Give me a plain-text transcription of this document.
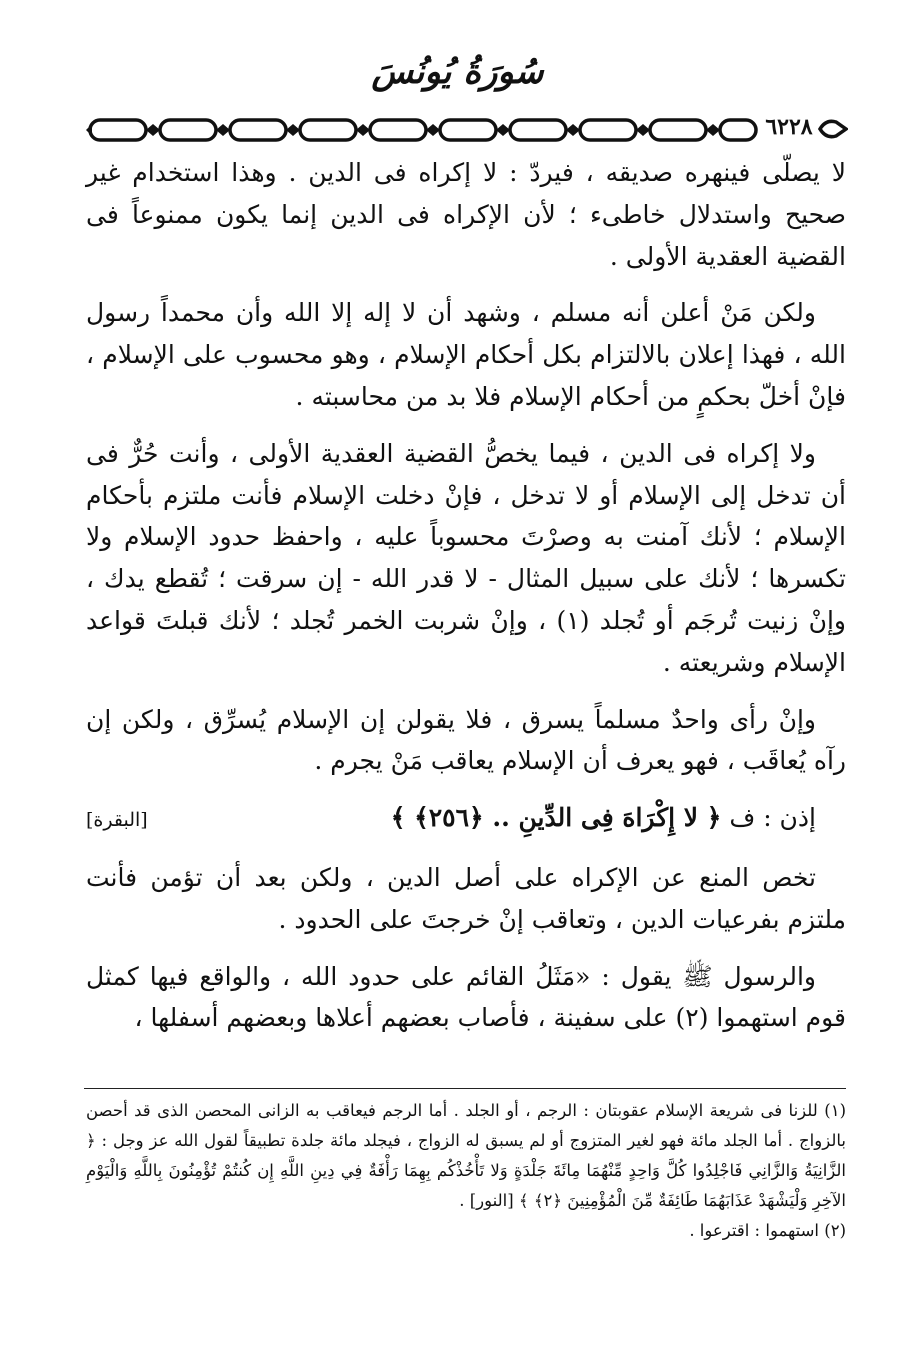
سُورَةُ يُونُسَ
٦٢٢٨

لا يصلّى فينهره صديقه ، فيردّ : لا إكراه فى الدين . وهذا استخدام غير صحيح واستدلال خاطىء ؛ لأن الإكراه فى الدين إنما يكون ممنوعاً فى القضية العقدية الأولى .

ولكن مَنْ أعلن أنه مسلم ، وشهد أن لا إله إلا الله وأن محمداً رسول الله ، فهذا إعلان بالالتزام بكل أحكام الإسلام ، وهو محسوب على الإسلام ، فإنْ أخلّ بحكمٍ من أحكام الإسلام فلا بد من محاسبته .

ولا إكراه فى الدين ، فيما يخصُّ القضية العقدية الأولى ، وأنت حُرٌّ فى أن تدخل إلى الإسلام أو لا تدخل ، فإنْ دخلت الإسلام فأنت ملتزم بأحكام الإسلام ؛ لأنك آمنت به وصرْتَ محسوباً عليه ، واحفظ حدود الإسلام ولا تكسرها ؛ لأنك على سبيل المثال - لا قدر الله - إن سرقت ؛ تُقطع يدك ، وإنْ زنيت تُرجَم أو تُجلد (١) ، وإنْ شربت الخمر تُجلد ؛ لأنك قبلتَ قواعد الإسلام وشريعته .

وإنْ رأى واحدٌ مسلماً يسرق ، فلا يقولن إن الإسلام يُسرِّق ، ولكن إن رآه يُعاقَب ، فهو يعرف أن الإسلام يعاقب مَنْ يجرم .

إذن : ف ﴿ لا إِكْرَاهَ فِى الدِّينِ .. ﴿٢٥٦﴾ ﴾
[البقرة]

تخص المنع عن الإكراه على أصل الدين ، ولكن بعد أن تؤمن فأنت ملتزم بفرعيات الدين ، وتعاقب إنْ خرجتَ على الحدود .

والرسول ﷺ يقول : «مَثَلُ القائم على حدود الله ، والواقع فيها كمثل قوم استهموا (٢) على سفينة ، فأصاب بعضهم أعلاها وبعضهم أسفلها ،

(١) للزنا فى شريعة الإسلام عقوبتان : الرجم ، أو الجلد . أما الرجم فيعاقب به الزانى المحصن الذى قد أحصن بالزواج . أما الجلد مائة فهو لغير المتزوج أو لم يسبق له الزواج ، فيجلد مائة جلدة تطبيقاً لقول الله عز وجل : ﴿ الزَّانِيَةُ وَالزَّانِي فَاجْلِدُوا كُلَّ وَاحِدٍ مِّنْهُمَا مِائَةَ جَلْدَةٍ وَلا تَأْخُذْكُم بِهِمَا رَأْفَةٌ فِي دِينِ اللَّهِ إِن كُنتُمْ تُؤْمِنُونَ بِاللَّهِ وَالْيَوْمِ الآخِرِ وَلْيَشْهَدْ عَذَابَهُمَا طَائِفَةٌ مِّنَ الْمُؤْمِنِينَ ﴿٢﴾ ﴾ [النور] .

(٢) استهموا : اقترعوا .
